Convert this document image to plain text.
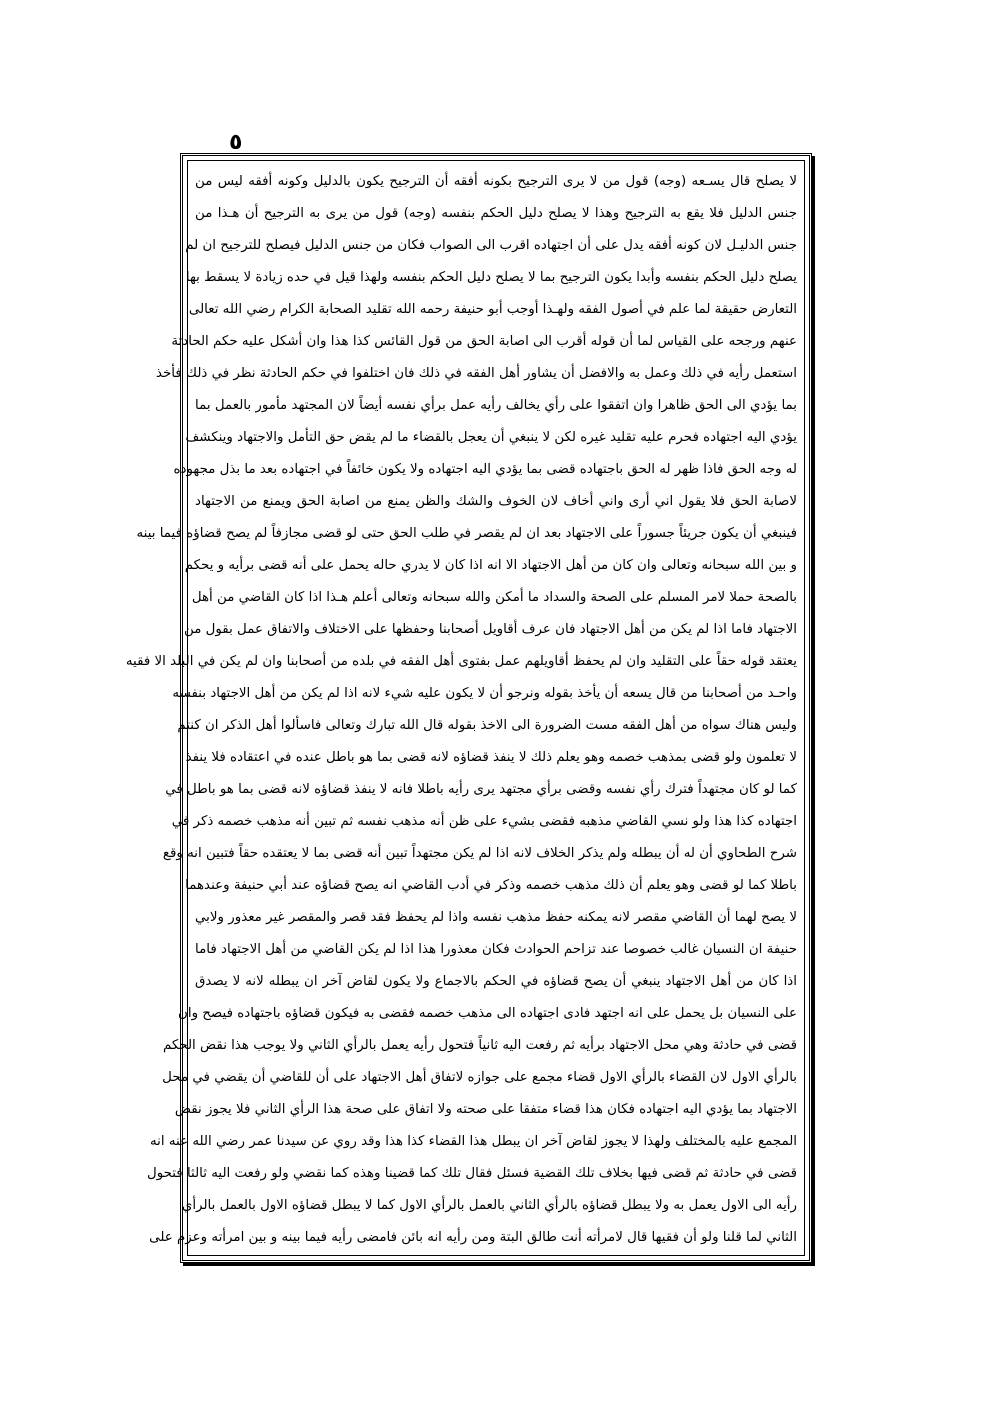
٥
لا يصلح قال يسـعه (وجه) قول من لا يرى الترجيح بكونه أفقه أن الترجيح يكون بالدليل وكونه أفقه ليس من
جنس الدليل فلا يقع به الترجيح وهذا لا يصلح دليل الحكم بنفسه (وجه) قول من يرى به الترجيح أن هـذا من
جنس الدليـل لان كونه أفقه يدل على أن اجتهاده اقرب الى الصواب فكان من جنس الدليل فيصلح للترجيح ان لم
يصلح دليل الحكم بنفسه وأبدا يكون الترجيح بما لا يصلح دليل الحكم بنفسه ولهذا قيل في حده زيادة لا يسقط بها
التعارض حقيقة لما علم في أصول الفقه ولهـذا أوجب أبو حنيفة رحمه الله تقليد الصحابة الكرام رضي الله تعالى
عنهم ورجحه على القياس لما أن قوله أقرب الى اصابة الحق من قول القائس كذا هذا وان أشكل عليه حكم الحادثة
استعمل رأيه في ذلك وعمل به والافضل أن يشاور أهل الفقه في ذلك فان اختلفوا في حكم الحادثة نظر في ذلك فأخذ
بما يؤدي الى الحق ظاهرا وان اتفقوا على رأي يخالف رأيه عمل برأي نفسه أيضاً لان المجتهد مأمور بالعمل بما
يؤدي اليه اجتهاده فحرم عليه تقليد غيره لكن لا ينبغي أن يعجل بالقضاء ما لم يقض حق التأمل والاجتهاد وينكشف
له وجه الحق فاذا ظهر له الحق باجتهاده قضى بما يؤدي اليه اجتهاده ولا يكون خائفاً في اجتهاده بعد ما بذل مجهوده
لاصابة الحق فلا يقول اني أرى واني أخاف لان الخوف والشك والظن يمنع من اصابة الحق ويمنع من الاجتهاد
فينبغي أن يكون جريئاً جسوراً على الاجتهاد بعد ان لم يقصر في طلب الحق حتى لو قضى مجازفاً لم يصح قضاؤه فيما بينه
و بين الله سبحانه وتعالى وان كان من أهل الاجتهاد الا انه اذا كان لا يدري حاله يحمل على أنه قضى برأيه و يحكم
بالصحة حملا لامر المسلم على الصحة والسداد ما أمكن والله سبحانه وتعالى أعلم هـذا اذا كان القاضي من أهل
الاجتهاد فاما اذا لم يكن من أهل الاجتهاد فان عرف أقاويل أصحابنا وحفظها على الاختلاف والاتفاق عمل بقول من
يعتقد قوله حقاً على التقليد وان لم يحفظ أقاويلهم عمل بفتوى أهل الفقه في بلده من أصحابنا وان لم يكن في البلد الا فقيه
واحـد من أصحابنا من قال يسعه أن يأخذ بقوله ونرجو أن لا يكون عليه شيء لانه اذا لم يكن من أهل الاجتهاد بنفسه
وليس هناك سواه من أهل الفقه مست الضرورة الى الاخذ بقوله قال الله تبارك وتعالى فاسألوا أهل الذكر ان كنتم
لا تعلمون ولو قضى بمذهب خصمه وهو يعلم ذلك لا ينفذ قضاؤه لانه قضى بما هو باطل عنده في اعتقاده فلا ينفذ
كما لو كان مجتهداً فترك رأي نفسه وقضى برأي مجتهد يرى رأيه باطلا فانه لا ينفذ قضاؤه لانه قضى بما هو باطل في
اجتهاده كذا هذا ولو نسي القاضي مذهبه فقضى بشيء على ظن أنه مذهب نفسه ثم تبين أنه مذهب خصمه ذكر في
شرح الطحاوي أن له أن يبطله ولم يذكر الخلاف لانه اذا لم يكن مجتهداً تبين أنه قضى بما لا يعتقده حقاً فتبين انه وقع
باطلا كما لو قضى وهو يعلم أن ذلك مذهب خصمه وذكر في أدب القاضي انه يصح قضاؤه عند أبي حنيفة وعندهما
لا يصح لهما أن القاضي مقصر لانه يمكنه حفظ مذهب نفسه واذا لم يحفظ فقد قصر والمقصر غير معذور ولابي
حنيفة ان النسيان غالب خصوصا عند تزاحم الحوادث فكان معذورا هذا اذا لم يكن القاضي من أهل الاجتهاد فاما
اذا كان من أهل الاجتهاد ينبغي أن يصح قضاؤه في الحكم بالاجماع ولا يكون لقاض آخر ان يبطله لانه لا يصدق
على النسيان بل يحمل على انه اجتهد فادى اجتهاده الى مذهب خصمه فقضى به فيكون قضاؤه باجتهاده فيصح وان
قضى في حادثة وهي محل الاجتهاد برأيه ثم رفعت اليه ثانياً فتحول رأيه يعمل بالرأي الثاني ولا يوجب هذا نقض الحكم
بالرأي الاول لان القضاء بالرأي الاول قضاء مجمع على جوازه لاتفاق أهل الاجتهاد على أن للقاضي أن يقضي في محل
الاجتهاد بما يؤدي اليه اجتهاده فكان هذا قضاء متفقا على صحته ولا اتفاق على صحة هذا الرأي الثاني فلا يجوز نقض
المجمع عليه بالمختلف ولهذا لا يجوز لقاض آخر ان يبطل هذا القضاء كذا هذا وقد روي عن سيدنا عمر رضي الله عنه انه
قضى في حادثة ثم قضى فيها بخلاف تلك القضية فسئل فقال تلك كما قضينا وهذه كما نقضي ولو رفعت اليه ثالثا فتحول
رأيه الى الاول يعمل به ولا يبطل قضاؤه بالرأي الثاني بالعمل بالرأي الاول كما لا يبطل قضاؤه الاول بالعمل بالرأي
الثاني لما قلنا ولو أن فقيها قال لامرأته أنت طالق البتة ومن رأيه انه بائن فامضى رأيه فيما بينه و بين امرأته وعزم على
